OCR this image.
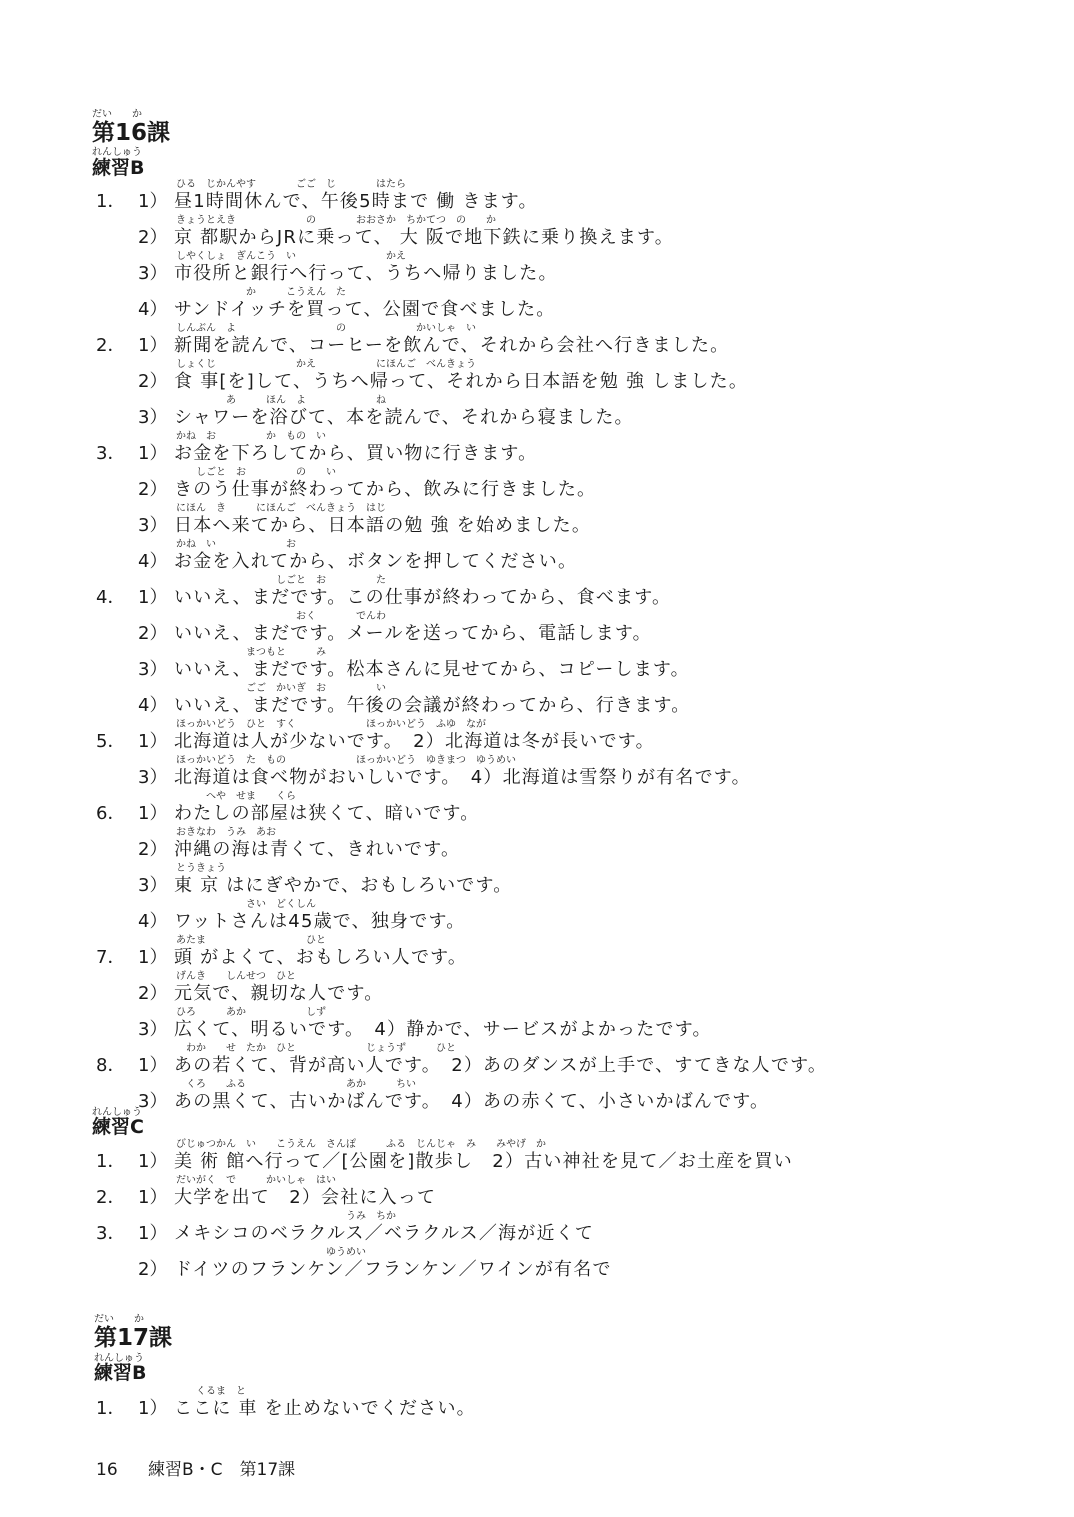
だい　　か
第16課
れんしゅう
練習B
ひる　じかんやす　　　　ごご　じ　　　　はたら
1． 1） 昼1時間休んで、午後5時まで 働 きます。
きょうとえき　　　　　　　の　　　　おおさか　ちかてつ　の　　か
2） 京 都駅からJRに乗って、 大 阪で地下鉄に乗り換えます。
しやくしょ　ぎんこう　い　　　　　　　　　かえ
3） 市役所と銀行へ行って、うちへ帰りました。
　　　　　　　か　　　こうえん　た
4） サンドイッチを買って、公園で食べました。
しんぶん　よ　　　　　　　　　　の　　　　　　　かいしゃ　い
2． 1） 新聞を読んで、コーヒーを飲んで、それから会社へ行きました。
しょくじ　　　　　　　　かえ　　　　　　にほんご　べんきょう
2） 食 事[を]して、うちへ帰って、それから日本語を勉 強 しました。
　　　　　あ　　　ほん　よ　　　　　　　ね
3） シャワーを浴びて、本を読んで、それから寝ました。
かね　お　　　　　か　もの　い
3． 1） お金を下ろしてから、買い物に行きます。
　　しごと　お　　　　　の　　い
2） きのう仕事が終わってから、飲みに行きました。
にほん　き　　　にほんご　べんきょう　はじ
3） 日本へ来てから、日本語の勉 強 を始めました。
かね　い　　　　　　　お
4） お金を入れてから、ボタンを押してください。
　　　　　　　　　　しごと　お　　　　　た
4． 1） いいえ、まだです。この仕事が終わってから、食べます。
　　　　　　　　　　　　おく　　　　でんわ
2） いいえ、まだです。メールを送ってから、電話します。
　　　　　　　まつもと　　　み
3） いいえ、まだです。松本さんに見せてから、コピーします。
　　　　　　　ごご　かいぎ　お　　　　　い
4） いいえ、まだです。午後の会議が終わってから、行きます。
ほっかいどう　ひと　すく　　　　　　　ほっかいどう　ふゆ　なが
5． 1） 北海道は人が少ないです。　2）北海道は冬が長いです。
ほっかいどう　た　もの　　　　　　　ほっかいどう　ゆきまつ　ゆうめい
3） 北海道は食べ物がおいしいです。　4）北海道は雪祭りが有名です。
　　　へや　せま　　くら
6． 1） わたしの部屋は狭くて、暗いです。
おきなわ　うみ　あお
2） 沖縄の海は青くて、きれいです。
とうきょう
3） 東 京 はにぎやかで、おもしろいです。
　　　　　　　さい　どくしん
4） ワットさんは45歳で、独身です。
あたま　　　　　　　　　　ひと
7． 1） 頭 がよくて、おもしろい人です。
げんき　　しんせつ　ひと
2） 元気で、親切な人です。
ひろ　　　あか　　　　　　しず
3） 広くて、明るいです。　4）静かで、サービスがよかったです。
　わか　　せ　たか　ひと　　　　　　　じょうず　　　ひと
8． 1） あの若くて、背が高い人です。　2）あのダンスが上手で、すてきな人です。
　くろ　　ふる　　　　　　　　　　あか　　　ちい
3） あの黒くて、古いかばんです。　4）あの赤くて、小さいかばんです。
れんしゅう
練習C
びじゅつかん　い　　こうえん　さんぽ　　　ふる　じんじゃ　み　　みやげ　か
1． 1） 美 術 館へ行って／[公園を]散歩し　2）古い神社を見て／お土産を買い
だいがく　で　　　かいしゃ　はい
2． 1） 大学を出て　2）会社に入って
　　　　　　　　　　　　　　　　　うみ　ちか
3． 1） メキシコのベラクルス／ベラクルス／海が近くて
　　　　　　　　　　　　　　　ゆうめい
2） ドイツのフランケン／フランケン／ワインが有名で
だい　　か
第17課
れんしゅう
練習B
　　くるま　と
1． 1） ここに 車 を止めないでください。
16 練習B・C　第17課
